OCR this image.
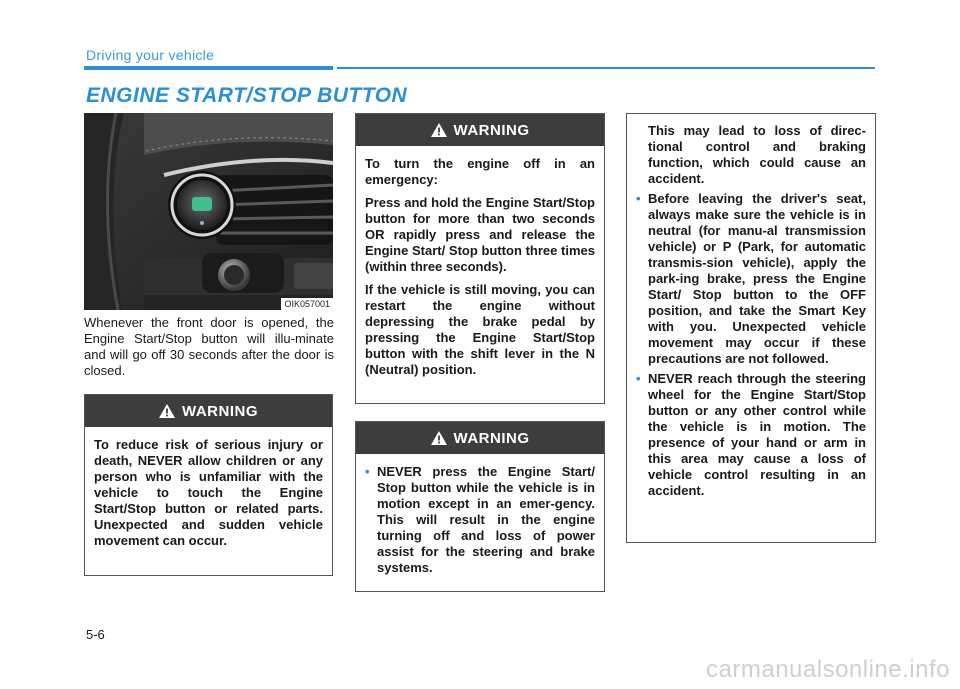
Driving your vehicle
ENGINE START/STOP BUTTON
OIK057001
Whenever the front door is opened, the Engine Start/Stop button will illu-minate and will go off 30 seconds after the door is closed.
WARNING

To reduce risk of serious injury or death, NEVER allow children or any person who is unfamiliar with the vehicle to touch the Engine Start/Stop button or related parts. Unexpected and sudden vehicle movement can occur.

WARNING

To turn the engine off in an emergency:

Press and hold the Engine Start/Stop button for more than two seconds OR rapidly press and release the Engine Start/ Stop button three times (within three seconds).

If the vehicle is still moving, you can restart the engine without depressing the brake pedal by pressing the Engine Start/Stop button with the shift lever in the N (Neutral) position.

WARNING
• NEVER press the Engine Start/ Stop button while the vehicle is in motion except in an emer-gency. This will result in the engine turning off and loss of power assist for the steering and brake systems.

This may lead to loss of direc-tional control and braking function, which could cause an accident.

• Before leaving the driver's seat, always make sure the vehicle is in neutral (for manu-al transmission vehicle) or P (Park, for automatic transmis-sion vehicle), apply the park-ing brake, press the Engine Start/ Stop button to the OFF position, and take the Smart Key with you. Unexpected vehicle movement may occur if these precautions are not followed.
• NEVER reach through the steering wheel for the Engine Start/Stop button or any other control while the vehicle is in motion. The presence of your hand or arm in this area may cause a loss of vehicle control resulting in an accident.
5-6
carmanualsonline.info
